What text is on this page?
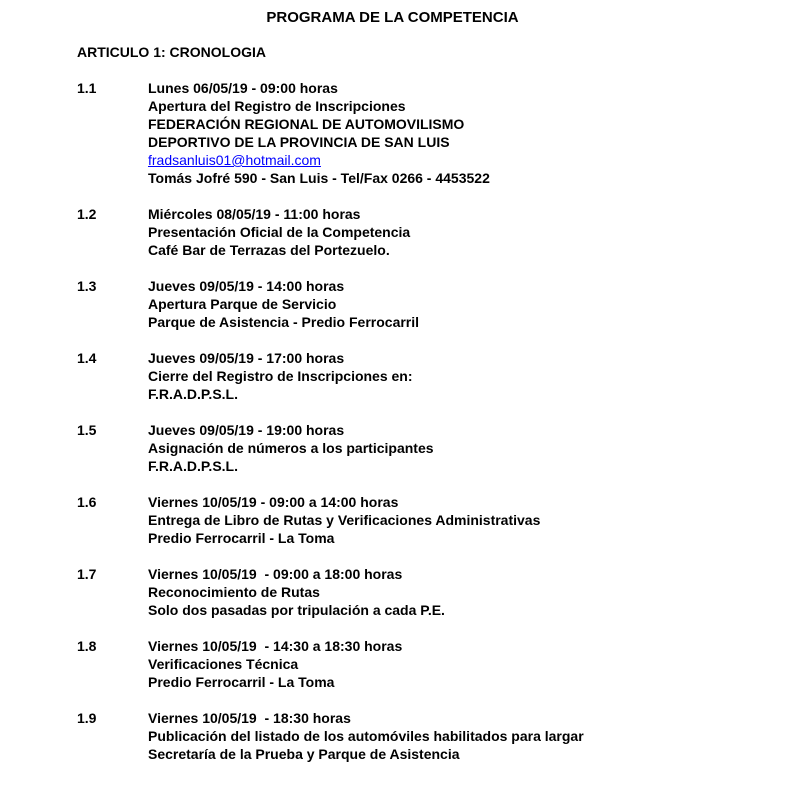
PROGRAMA DE LA COMPETENCIA
ARTICULO 1: CRONOLOGIA
1.1	Lunes 06/05/19 - 09:00 horas
Apertura del Registro de Inscripciones
FEDERACIÓN REGIONAL DE AUTOMOVILISMO
DEPORTIVO DE LA PROVINCIA DE SAN LUIS
fradsanluis01@hotmail.com
Tomás Jofré 590 - San Luis - Tel/Fax 0266 - 4453522
1.2	Miércoles 08/05/19 - 11:00 horas
Presentación Oficial de la Competencia
Café Bar de Terrazas del Portezuelo.
1.3	Jueves 09/05/19 - 14:00 horas
Apertura Parque de Servicio
Parque de Asistencia - Predio Ferrocarril
1.4	Jueves 09/05/19 - 17:00 horas
Cierre del Registro de Inscripciones en:
F.R.A.D.P.S.L.
1.5	Jueves 09/05/19 - 19:00 horas
Asignación de números a los participantes
F.R.A.D.P.S.L.
1.6	Viernes 10/05/19 - 09:00 a 14:00 horas
Entrega de Libro de Rutas y Verificaciones Administrativas
Predio Ferrocarril - La Toma
1.7	Viernes 10/05/19  - 09:00 a 18:00 horas
Reconocimiento de Rutas
Solo dos pasadas por tripulación a cada P.E.
1.8	Viernes 10/05/19  - 14:30 a 18:30 horas
Verificaciones Técnica
Predio Ferrocarril - La Toma
1.9	Viernes 10/05/19  - 18:30 horas
Publicación del listado de los automóviles habilitados para largar
Secretaría de la Prueba y Parque de Asistencia
